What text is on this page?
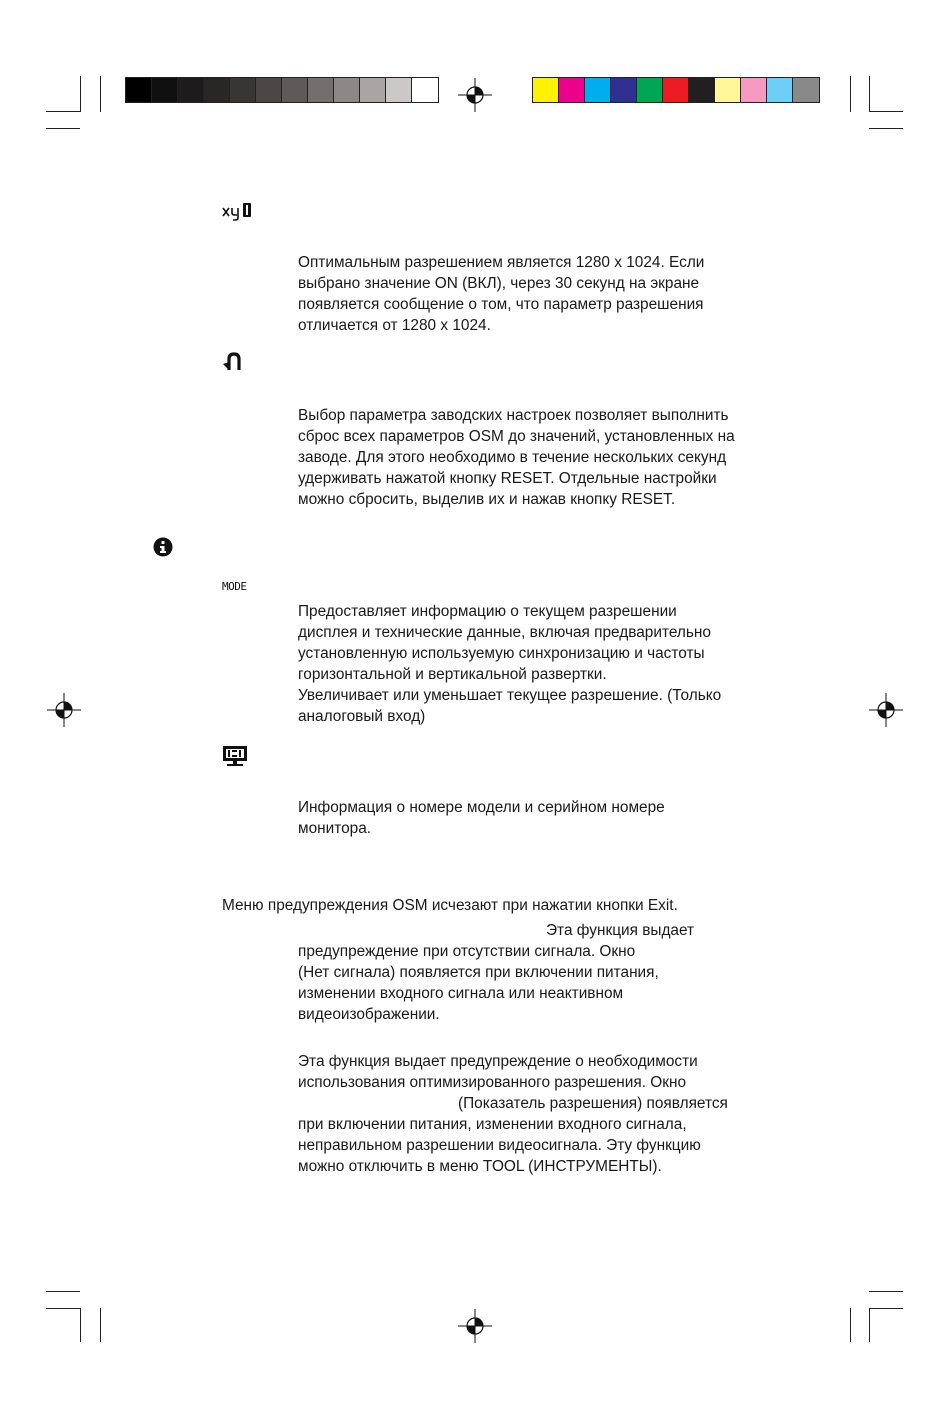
MODE
Оптимальным разрешением является 1280 x 1024. Если
выбрано значение ON (ВКЛ), через 30 секунд на экране
появляется сообщение о том, что параметр разрешения
отличается от 1280 x 1024.
Выбор параметра заводских настроек позволяет выполнить
сброс всех параметров OSM до значений, установленных на
заводе. Для этого необходимо в течение нескольких секунд
удерживать нажатой кнопку RESET. Отдельные настройки
можно сбросить, выделив их и нажав кнопку RESET.
Предоставляет информацию о текущем разрешении
дисплея и технические данные, включая предварительно
установленную используемую синхронизацию и частоты
горизонтальной и вертикальной развертки.
Увеличивает или уменьшает текущее разрешение. (Только
аналоговый вход)
Информация о номере модели и серийном номере
монитора.
Меню предупреждения OSM исчезают при нажатии кнопки Exit.
Эта функция выдает
предупреждение при отсутствии сигнала. Окно
(Нет сигнала) появляется при включении питания,
изменении входного сигнала или неактивном
видеоизображении.
Эта функция выдает предупреждение о необходимости
использования оптимизированного разрешения. Окно
(Показатель разрешения) появляется
при включении питания, изменении входного сигнала,
неправильном разрешении видеосигнала. Эту функцию
можно отключить в меню TOOL (ИНСТРУМЕНТЫ).
